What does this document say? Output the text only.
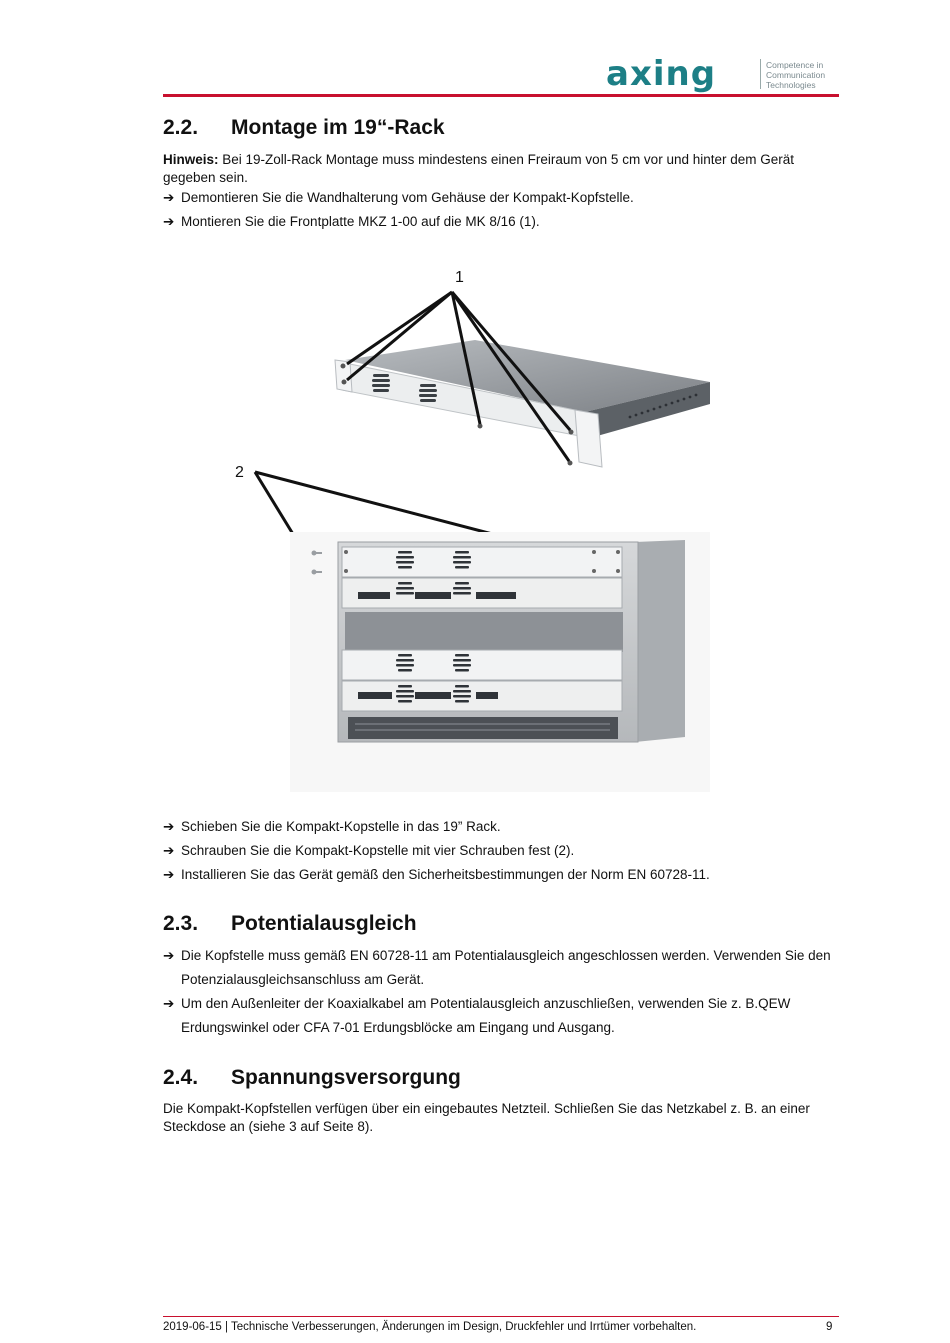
axing	Competence in
Communication
Technologies
2.2. Montage im 19“-Rack

Hinweis: Bei 19-Zoll-Rack Montage muss mindestens einen Freiraum von 5 cm vor und hinter dem Gerät gegeben sein.

➔ Demontieren Sie die Wandhalterung vom Gehäuse der Kompakt-Kopfstelle.
➔ Montieren Sie die Frontplatte MKZ 1-00 auf die MK 8/16 (1).
1
2
➔ Schieben Sie die Kompakt-Kopstelle in das 19” Rack.
➔ Schrauben Sie die Kompakt-Kopstelle mit vier Schrauben fest (2).
➔ Installieren Sie das Gerät gemäß den Sicherheitsbestimmungen der Norm EN 60728-11.
2.3. Potentialausgleich
➔ Die Kopfstelle muss gemäß EN 60728-11 am Potentialausgleich angeschlossen werden. Verwenden Sie den
Potenzialausgleichsanschluss am Gerät.
➔ Um den Außenleiter der Koaxialkabel am Potentialausgleich anzuschließen, verwenden Sie z. B.QEW
Erdungswinkel oder CFA 7-01 Erdungsblöcke am Eingang und Ausgang.
2.4. Spannungsversorgung
Die Kompakt-Kopfstellen verfügen über ein eingebautes Netzteil. Schließen Sie das Netzkabel z. B. an einer
Steckdose an (siehe 3 auf Seite 8).
2019-06-15 | Technische Verbesserungen, Änderungen im Design, Druckfehler und Irrtümer vorbehalten.	9
